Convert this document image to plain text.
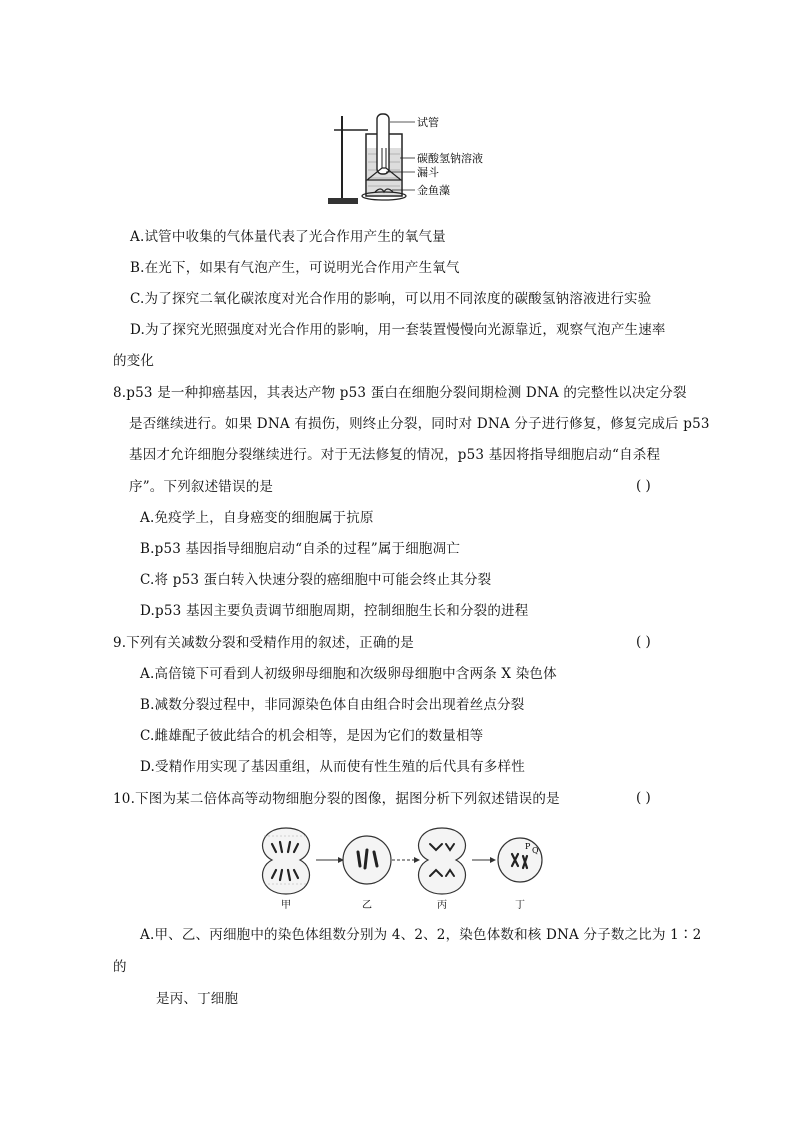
试管
碳酸氢钠溶液
漏斗
金鱼藻
A.试管中收集的气体量代表了光合作用产生的氧气量
B.在光下，如果有气泡产生，可说明光合作用产生氧气
C.为了探究二氧化碳浓度对光合作用的影响，可以用不同浓度的碳酸氢钠溶液进行实验
D.为了探究光照强度对光合作用的影响，用一套装置慢慢向光源靠近，观察气泡产生速率
的变化
8.p53 是一种抑癌基因，其表达产物 p53 蛋白在细胞分裂间期检测 DNA 的完整性以决定分裂
是否继续进行。如果 DNA 有损伤，则终止分裂，同时对 DNA 分子进行修复，修复完成后 p53
基因才允许细胞分裂继续进行。对于无法修复的情况，p53 基因将指导细胞启动“自杀程
序”。下列叙述错误的是	( )
A.免疫学上，自身癌变的细胞属于抗原
B.p53 基因指导细胞启动“自杀的过程”属于细胞凋亡
C.将 p53 蛋白转入快速分裂的癌细胞中可能会终止其分裂
D.p53 基因主要负责调节细胞周期，控制细胞生长和分裂的进程
9.下列有关减数分裂和受精作用的叙述，正确的是	( )
A.高倍镜下可看到人初级卵母细胞和次级卵母细胞中含两条 X 染色体
B.减数分裂过程中，非同源染色体自由组合时会出现着丝点分裂
C.雌雄配子彼此结合的机会相等，是因为它们的数量相等
D.受精作用实现了基因重组，从而使有性生殖的后代具有多样性
10.下图为某二倍体高等动物细胞分裂的图像，据图分析下列叙述错误的是	( )
P Q
甲	乙	丙	丁
A.甲、乙、丙细胞中的染色体组数分别为 4、2、2，染色体数和核 DNA 分子数之比为 1∶2
的
是丙、丁细胞
